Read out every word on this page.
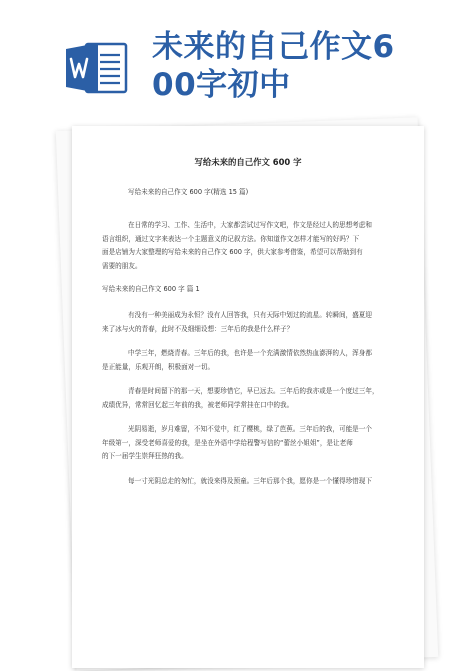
未来的自己作文6
00字初中
写给未来的自己作文 600 字
写给未来的自己作文 600 字(精选 15 篇)
在日常的学习、工作、生活中，大家都尝试过写作文吧，作文是经过人的思想考虑和
语言组织，通过文字来表达一个主题意义的记叙方法。你知道作文怎样才能写的好吗？下
面是店铺为大家整理的写给未来的自己作文 600 字，供大家参考借鉴，希望可以帮助到有
需要的朋友。
写给未来的自己作文 600 字 篇 1
有没有一种美丽成为永恒？没有人回答我，只有天际中划过的流星。转瞬间，盛夏迎
来了冰与火的青春，此时不及细细设想：三年后的我是什么样子？
中学三年，燃烧青春。三年后的我，也许是一个充满激情依然热血澎湃的人，浑身都
是正能量，乐观开朗，积极面对一切。
青春是时间留下的那一天，想要珍惜它，早已远去。三年后的我亦或是一个度过三年，
成绩优异，常常回忆起三年前的我，被老师同学常挂在口中的我。
光阴易逝，岁月难留，不知不觉中，红了樱桃，绿了芭蕉。三年后的我，可能是一个
年级第一，深受老师喜爱的我，是坐在外语中学给程警写信的“蕾丝小姐姐”，是让老师
的下一届学生崇拜狂热的我。
每一寸光阴总走的匆忙，就没来得及预童。三年后那个我，愿你是一个懂得珍惜现下
